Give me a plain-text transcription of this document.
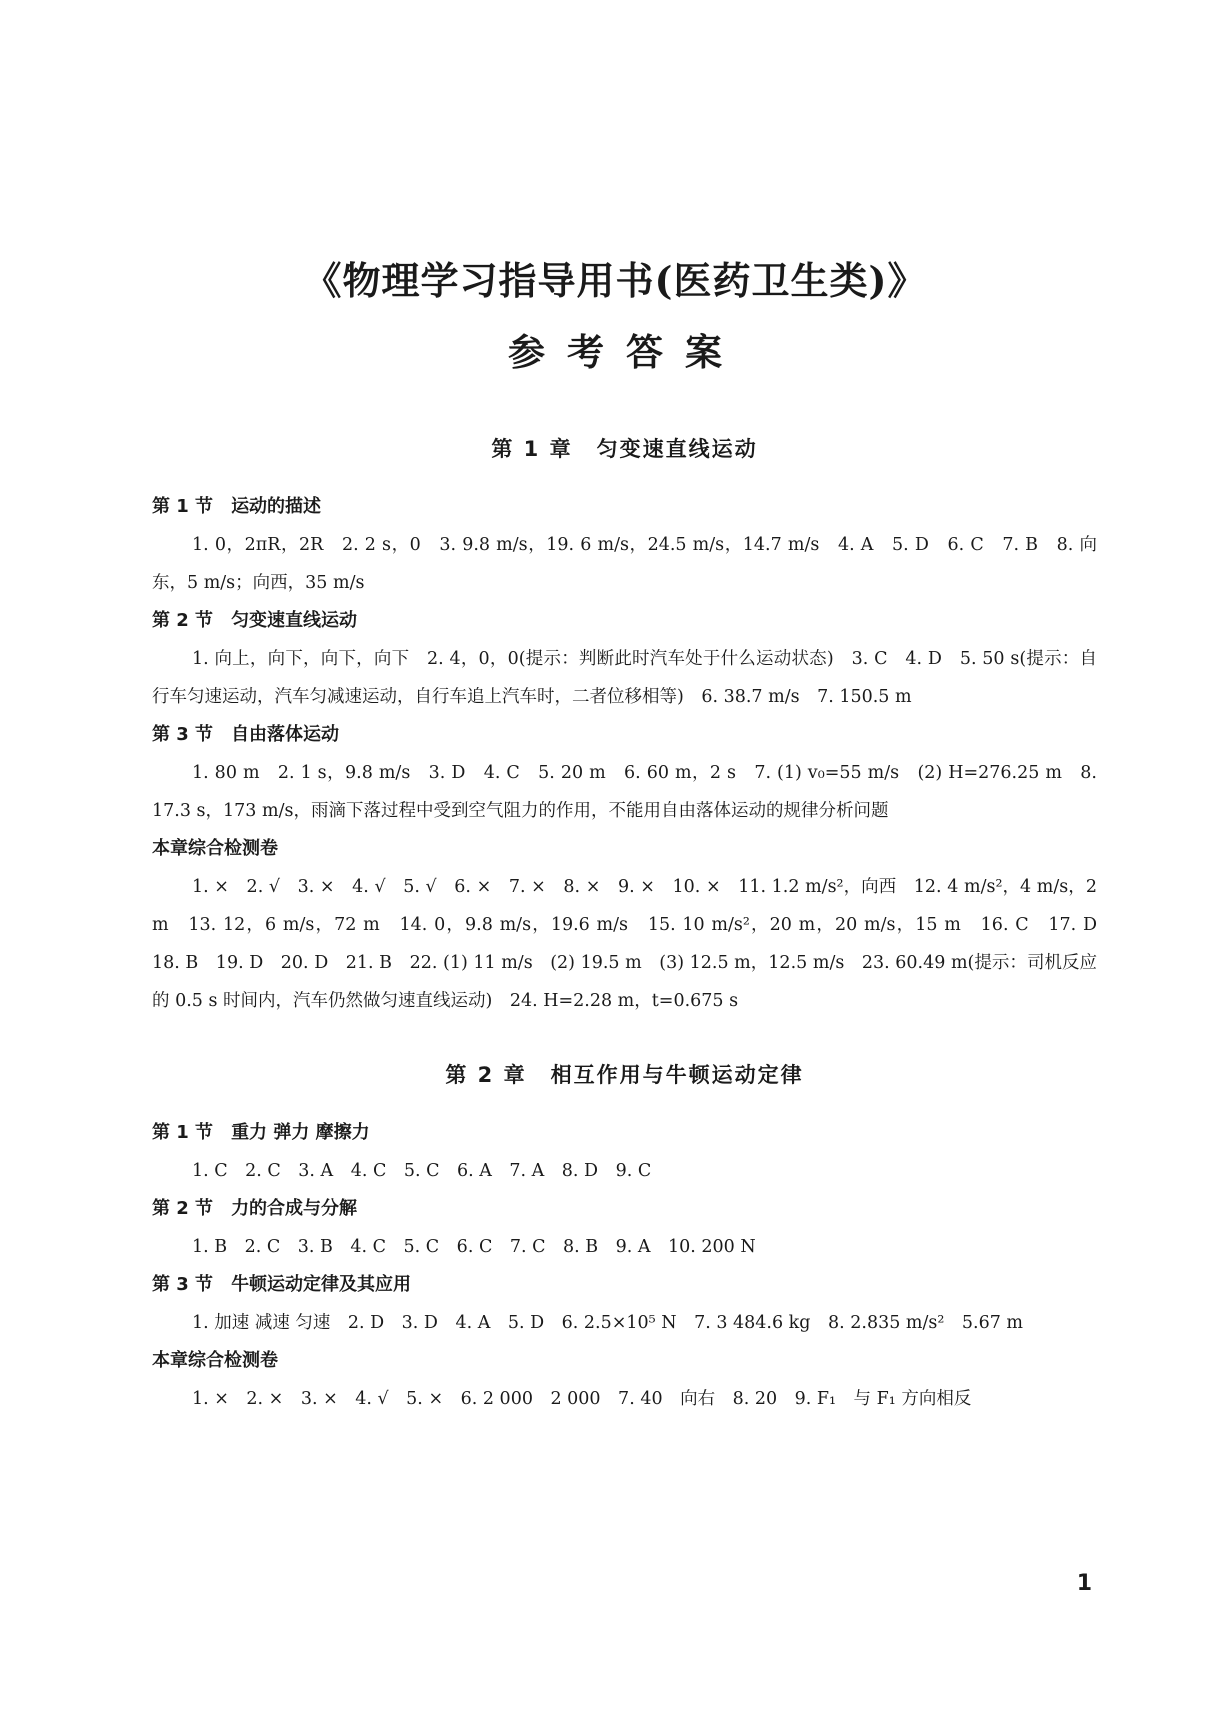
《物理学习指导用书(医药卫生类)》
参考答案
第 1 章 匀变速直线运动
第 1 节 运动的描述
1. 0，2πR，2R　2. 2 s，0　3. 9.8 m/s，19. 6 m/s，24.5 m/s，14.7 m/s　4. A　5. D　6. C　7. B　8. 向东，5 m/s；向西，35 m/s
第 2 节 匀变速直线运动
1. 向上，向下，向下，向下　2. 4，0，0(提示：判断此时汽车处于什么运动状态)　3. C　4. D　5. 50 s(提示：自行车匀速运动，汽车匀减速运动，自行车追上汽车时，二者位移相等)　6. 38.7 m/s　7. 150.5 m
第 3 节 自由落体运动
1. 80 m　2. 1 s，9.8 m/s　3. D　4. C　5. 20 m　6. 60 m，2 s　7. (1) v₀=55 m/s　(2) H=276.25 m　8. 17.3 s，173 m/s，雨滴下落过程中受到空气阻力的作用，不能用自由落体运动的规律分析问题
本章综合检测卷
1. ×　2. √　3. ×　4. √　5. √　6. ×　7. ×　8. ×　9. ×　10. ×　11. 1.2 m/s²，向西　12. 4 m/s²，4 m/s，2 m　13. 12，6 m/s，72 m　14. 0，9.8 m/s，19.6 m/s　15. 10 m/s²，20 m，20 m/s，15 m　16. C　17. D　18. B　19. D　20. D　21. B　22. (1) 11 m/s　(2) 19.5 m　(3) 12.5 m，12.5 m/s　23. 60.49 m(提示：司机反应的 0.5 s 时间内，汽车仍然做匀速直线运动)　24. H=2.28 m，t=0.675 s
第 2 章 相互作用与牛顿运动定律
第 1 节 重力 弹力 摩擦力
1. C　2. C　3. A　4. C　5. C　6. A　7. A　8. D　9. C
第 2 节 力的合成与分解
1. B　2. C　3. B　4. C　5. C　6. C　7. C　8. B　9. A　10. 200 N
第 3 节 牛顿运动定律及其应用
1. 加速 减速 匀速　2. D　3. D　4. A　5. D　6. 2.5×10⁵ N　7. 3 484.6 kg　8. 2.835 m/s²　5.67 m
本章综合检测卷
1. ×　2. ×　3. ×　4. √　5. ×　6. 2 000　2 000　7. 40　向右　8. 20　9. F₁　与 F₁ 方向相反
1
